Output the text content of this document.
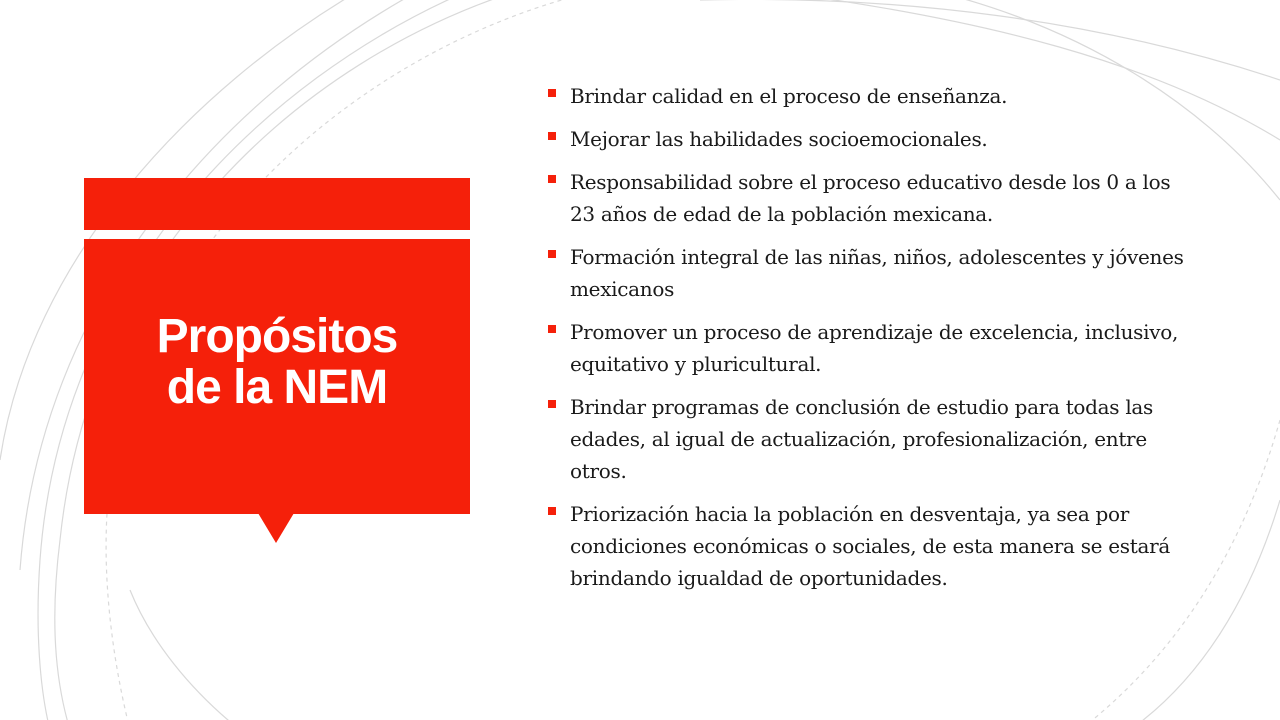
Propósitos
de la NEM
Brindar calidad en el proceso de enseñanza.
Mejorar las habilidades socioemocionales.
Responsabilidad sobre el proceso educativo desde los 0 a los 23 años de edad de la población mexicana.
Formación integral de las niñas, niños, adolescentes y jóvenes mexicanos
Promover un proceso de aprendizaje de excelencia, inclusivo, equitativo y pluricultural.
Brindar programas de conclusión de estudio para todas las edades, al igual de actualización, profesionalización, entre otros.
Priorización hacia la población en desventaja, ya sea por condiciones económicas o sociales, de esta manera se estará brindando igualdad de oportunidades.
